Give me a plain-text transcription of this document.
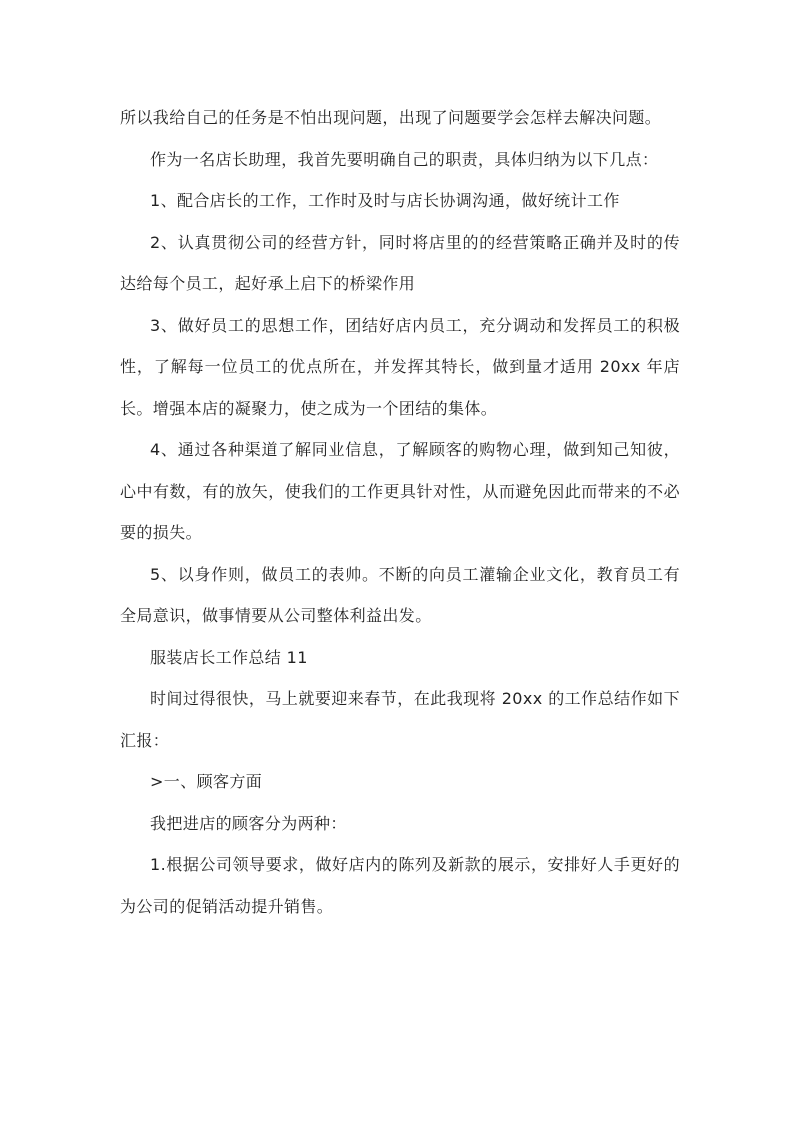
所以我给自己的任务是不怕出现问题，出现了问题要学会怎样去解决问题。

作为一名店长助理，我首先要明确自己的职责，具体归纳为以下几点：

1、配合店长的工作，工作时及时与店长协调沟通，做好统计工作

2、认真贯彻公司的经营方针，同时将店里的的经营策略正确并及时的传达给每个员工，起好承上启下的桥梁作用

3、做好员工的思想工作，团结好店内员工，充分调动和发挥员工的积极性，了解每一位员工的优点所在，并发挥其特长，做到量才适用 20xx 年店长。增强本店的凝聚力，使之成为一个团结的集体。

4、通过各种渠道了解同业信息，了解顾客的购物心理，做到知己知彼，心中有数，有的放矢，使我们的工作更具针对性，从而避免因此而带来的不必要的损失。

5、以身作则，做员工的表帅。不断的向员工灌输企业文化，教育员工有全局意识，做事情要从公司整体利益出发。

服装店长工作总结 11

时间过得很快，马上就要迎来春节，在此我现将 20xx 的工作总结作如下汇报：

>一、顾客方面

我把进店的顾客分为两种：

1.根据公司领导要求，做好店内的陈列及新款的展示，安排好人手更好的为公司的促销活动提升销售。
